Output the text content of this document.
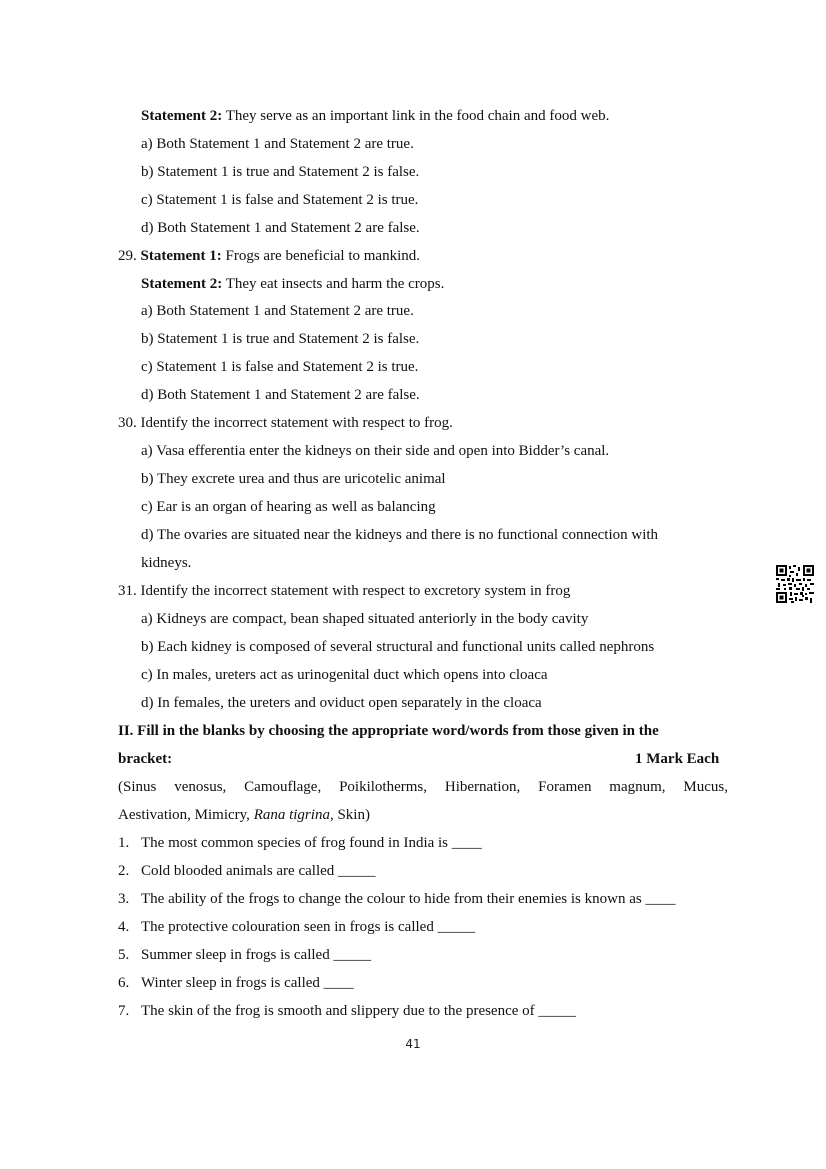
Statement 2: They serve as an important link in the food chain and food web.
a) Both Statement 1 and Statement 2 are true.
b) Statement 1 is true and Statement 2 is false.
c) Statement 1 is false and Statement 2 is true.
d) Both Statement 1 and Statement 2 are false.
29. Statement 1: Frogs are beneficial to mankind.
Statement 2: They eat insects and harm the crops.
a) Both Statement 1 and Statement 2 are true.
b) Statement 1 is true and Statement 2 is false.
c) Statement 1 is false and Statement 2 is true.
d) Both Statement 1 and Statement 2 are false.
30. Identify the incorrect statement with respect to frog.
a) Vasa efferentia enter the kidneys on their side and open into Bidder’s canal.
b) They excrete urea and thus are uricotelic animal
c) Ear is an organ of hearing as well as balancing
d) The ovaries are situated near the kidneys and there is no functional connection with
kidneys.
31. Identify the incorrect statement with respect to excretory system in frog
a) Kidneys are compact, bean shaped situated anteriorly in the body cavity
b) Each kidney is composed of several structural and functional units called nephrons
c) In males, ureters act as urinogenital duct which opens into cloaca
d) In females, the ureters and oviduct open separately in the cloaca
II. Fill in the blanks by choosing the appropriate word/words from those given in the
bracket:	1 Mark Each
(Sinus venosus, Camouflage, Poikilotherms, Hibernation, Foramen magnum, Mucus,
Aestivation, Mimicry, Rana tigrina, Skin)
1. The most common species of frog found in India is ____
2. Cold blooded animals are called _____
3. The ability of the frogs to change the colour to hide from their enemies is known as ____
4. The protective colouration seen in frogs is called _____
5. Summer sleep in frogs is called _____
6. Winter sleep in frogs is called ____
7. The skin of the frog is smooth and slippery due to the presence of _____
41
